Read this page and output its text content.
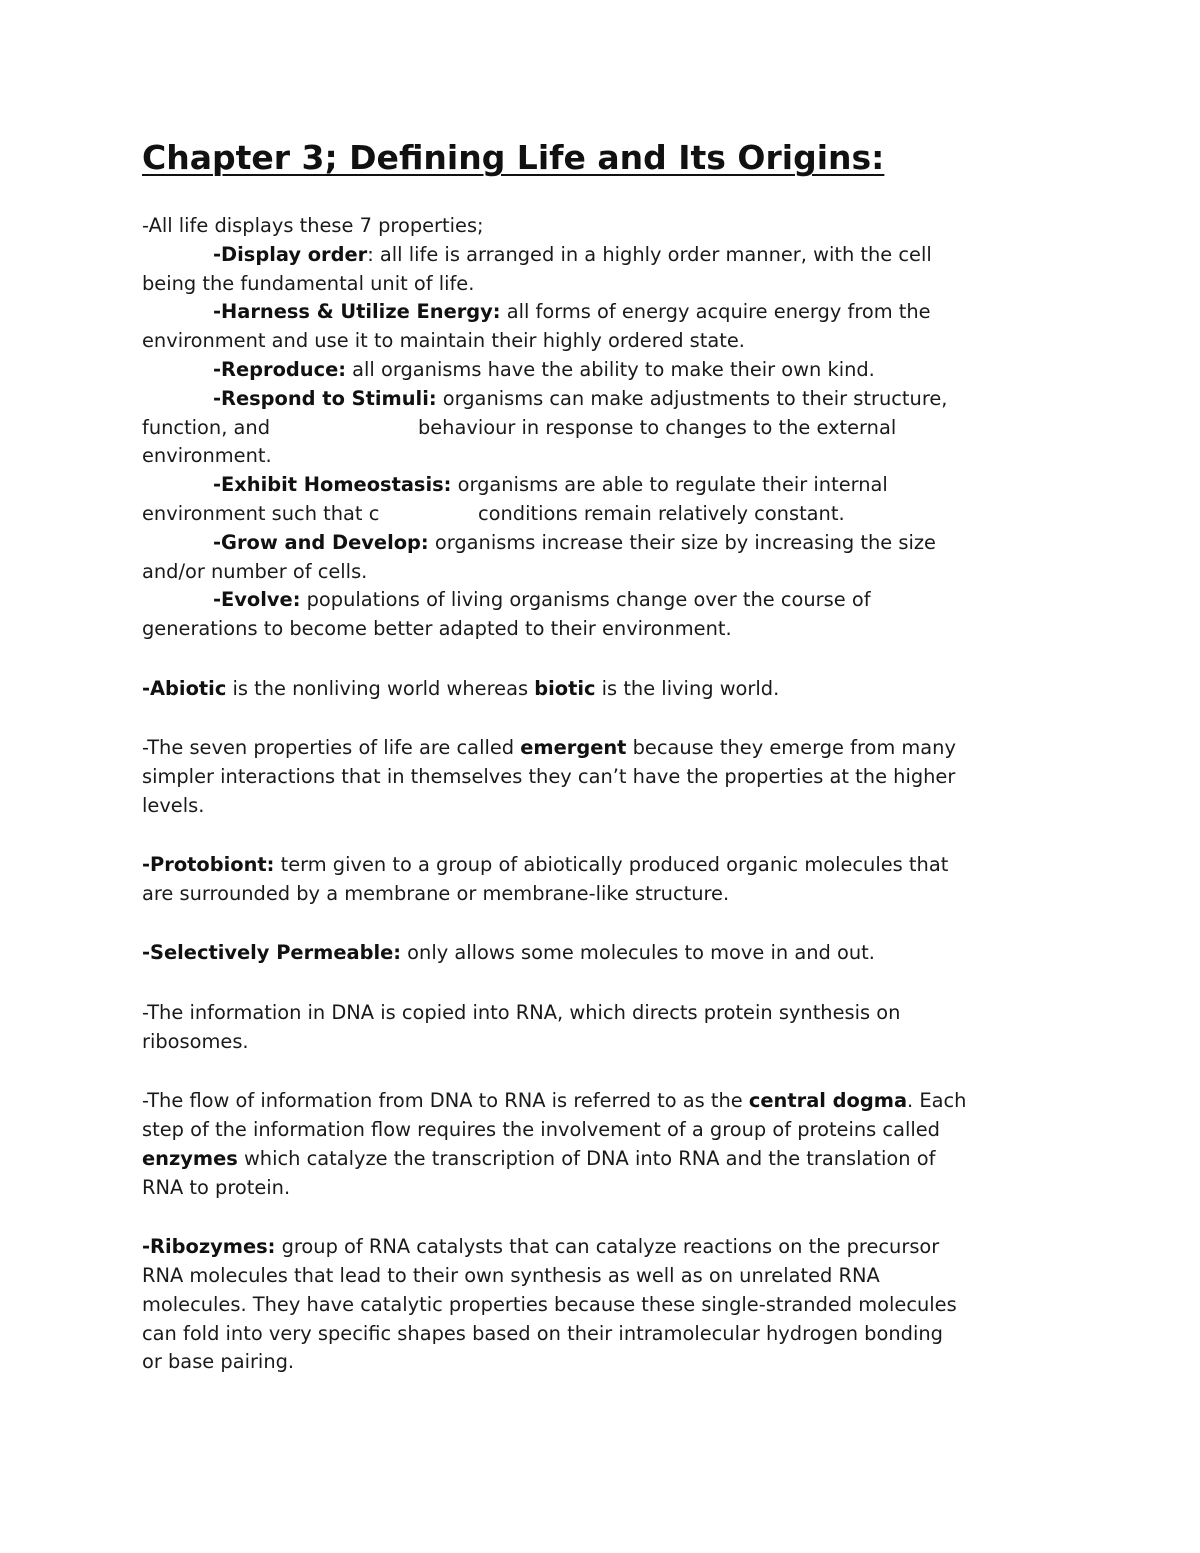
Chapter 3; Defining Life and Its Origins:
-All life displays these 7 properties;
-Display order: all life is arranged in a highly order manner, with the cell
being the fundamental unit of life.
-Harness & Utilize Energy: all forms of energy acquire energy from the
environment and use it to maintain their highly ordered state.
-Reproduce: all organisms have the ability to make their own kind.
-Respond to Stimuli: organisms can make adjustments to their structure,
function, and                        behaviour in response to changes to the external
environment.
-Exhibit Homeostasis: organisms are able to regulate their internal
environment such that c                conditions remain relatively constant.
-Grow and Develop: organisms increase their size by increasing the size
and/or number of cells.
-Evolve: populations of living organisms change over the course of
generations to become better adapted to their environment.
-Abiotic is the nonliving world whereas biotic is the living world.
-The seven properties of life are called emergent because they emerge from many
simpler interactions that in themselves they can’t have the properties at the higher
levels.
-Protobiont: term given to a group of abiotically produced organic molecules that
are surrounded by a membrane or membrane-like structure.
-Selectively Permeable: only allows some molecules to move in and out.
-The information in DNA is copied into RNA, which directs protein synthesis on
ribosomes.
-The flow of information from DNA to RNA is referred to as the central dogma. Each
step of the information flow requires the involvement of a group of proteins called
enzymes which catalyze the transcription of DNA into RNA and the translation of
RNA to protein.
-Ribozymes: group of RNA catalysts that can catalyze reactions on the precursor
RNA molecules that lead to their own synthesis as well as on unrelated RNA
molecules. They have catalytic properties because these single-stranded molecules
can fold into very specific shapes based on their intramolecular hydrogen bonding
or base pairing.
